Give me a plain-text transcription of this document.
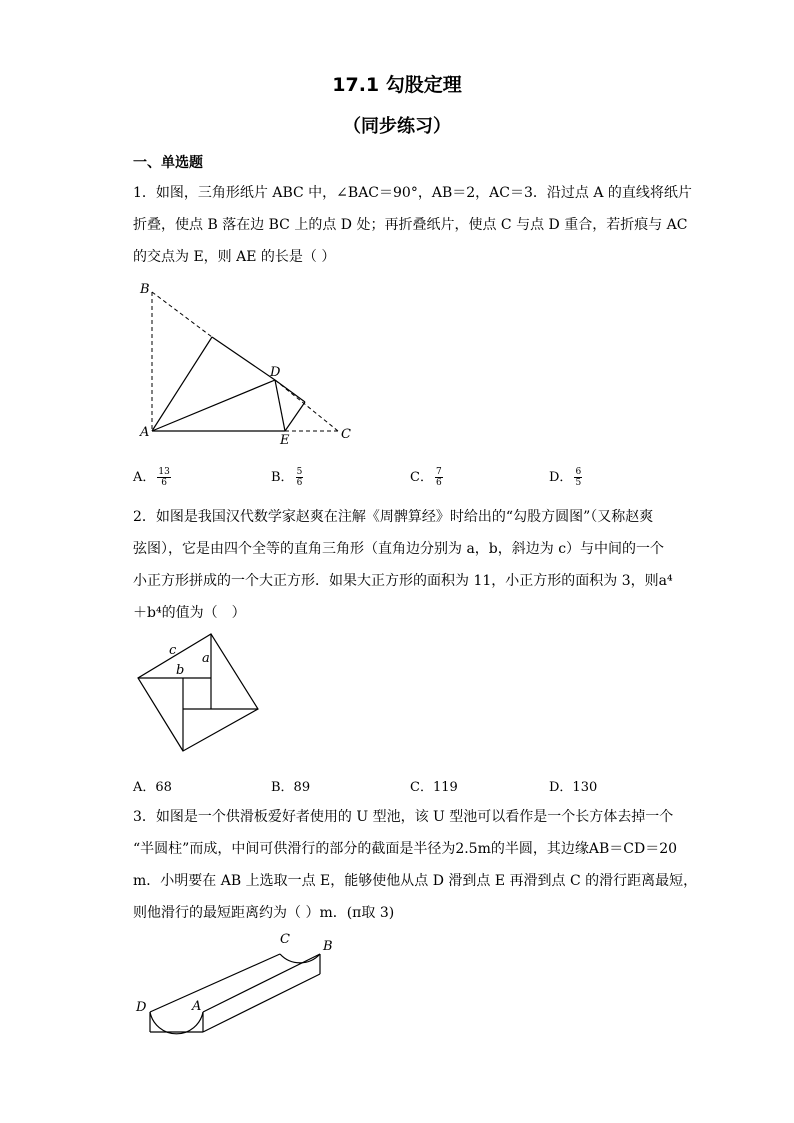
17.1 勾股定理
（同步练习）
一、单选题
1．如图，三角形纸片 ABC 中，∠BAC＝90°，AB＝2，AC＝3．沿过点 A 的直线将纸片
折叠，使点 B 落在边 BC 上的点 D 处；再折叠纸片，使点 C 与点 D 重合，若折痕与 AC
的交点为 E，则 AE 的长是（ ）
B
D
A
E	C
A． $\frac{13}{6}$	B． $\frac{5}{6}$	C． $\frac{7}{6}$	D． $\frac{6}{5}$
2．如图是我国汉代数学家赵爽在注解《周髀算经》时给出的“勾股方圆图”（又称赵爽
弦图），它是由四个全等的直角三角形（直角边分别为 a，b，斜边为 c）与中间的一个
小正方形拼成的一个大正方形．如果大正方形的面积为 11，小正方形的面积为 3，则a⁴
＋b⁴的值为（　）
c
b
a
A．68	B．89	C．119	D．130
3．如图是一个供滑板爱好者使用的 U 型池，该 U 型池可以看作是一个长方体去掉一个
“半圆柱”而成，中间可供滑行的部分的截面是半径为2.5m的半圆，其边缘AB＝CD＝20
m．小明要在 AB 上选取一点 E，能够使他从点 D 滑到点 E 再滑到点 C 的滑行距离最短，
则他滑行的最短距离约为（ ）m．(π取 3)
C	B
D	A
